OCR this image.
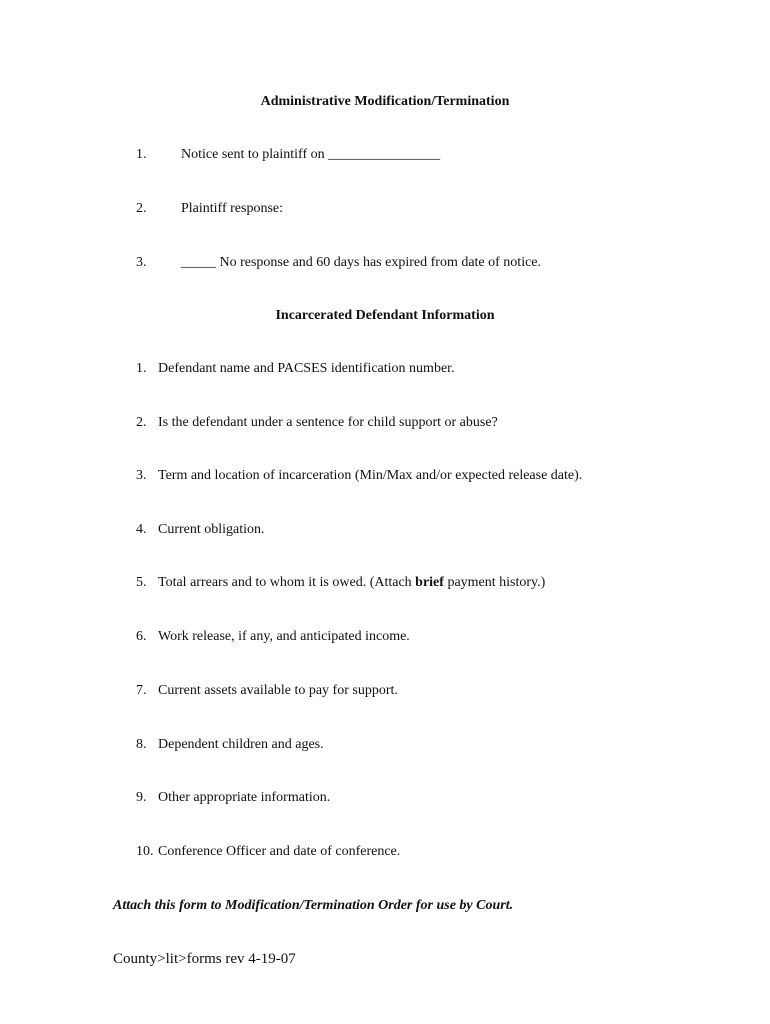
Administrative Modification/Termination
1. Notice sent to plaintiff on ________________
2. Plaintiff response:
3. _____ No response and 60 days has expired from date of notice.
Incarcerated Defendant Information
1. Defendant name and PACSES identification number.
2. Is the defendant under a sentence for child support or abuse?
3. Term and location of incarceration (Min/Max and/or expected release date).
4. Current obligation.
5. Total arrears and to whom it is owed. (Attach brief payment history.)
6. Work release, if any, and anticipated income.
7. Current assets available to pay for support.
8. Dependent children and ages.
9. Other appropriate information.
10. Conference Officer and date of conference.
Attach this form to Modification/Termination Order for use by Court.
County>lit>forms rev 4-19-07
